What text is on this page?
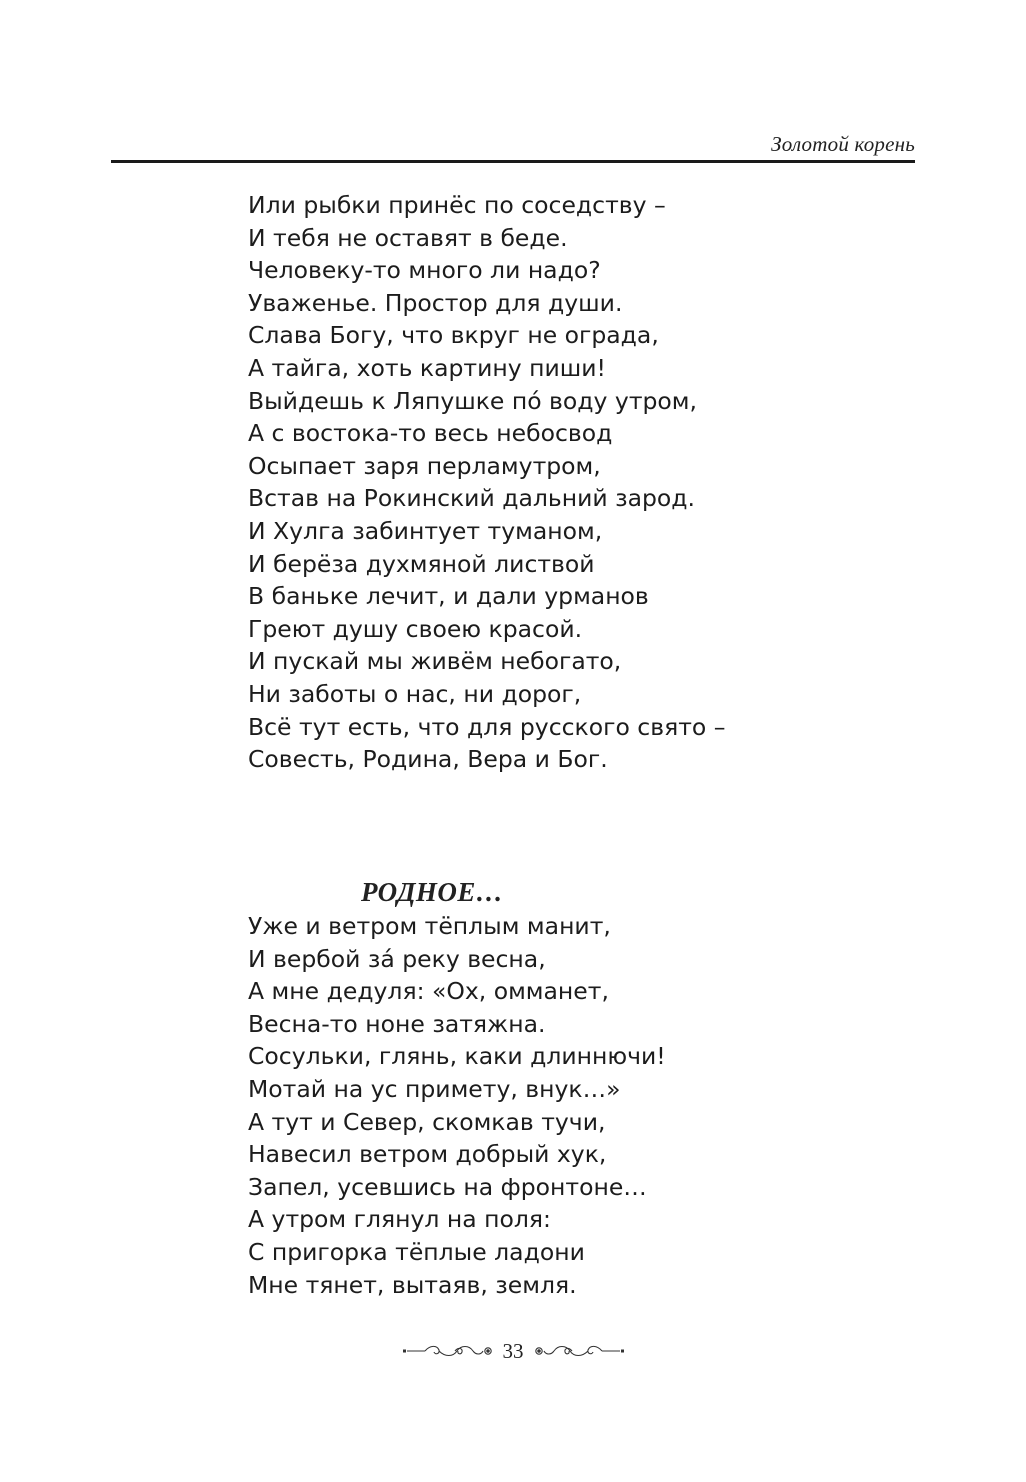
Золотой корень
Или рыбки принёс по соседству –
И тебя не оставят в беде.
Человеку-то много ли надо?
Уваженье. Простор для души.
Слава Богу, что вкруг не ограда,
А тайга, хоть картину пиши!
Выйдешь к Ляпушке пó воду утром,
А с востока-то весь небосвод
Осыпает заря перламутром,
Встав на Рокинский дальний зарод.
И Хулга забинтует туманом,
И берёза духмяной листвой
В баньке лечит, и дали урманов
Греют душу своею красой.
И пускай мы живём небогато,
Ни заботы о нас, ни дорог,
Всё тут есть, что для русского свято –
Совесть, Родина, Вера и Бог.
РОДНОЕ…
Уже и ветром тёплым манит,
И вербой зá реку весна,
А мне дедуля: «Ох, омманет,
Весна-то ноне затяжна.
Сосульки, глянь, каки длиннючи!
Мотай на ус примету, внук…»
А тут и Север, скомкав тучи,
Навесил ветром добрый хук,
Запел, усевшись на фронтоне…
А утром глянул на поля:
С пригорка тёплые ладони
Мне тянет, вытаяв, земля.
33
